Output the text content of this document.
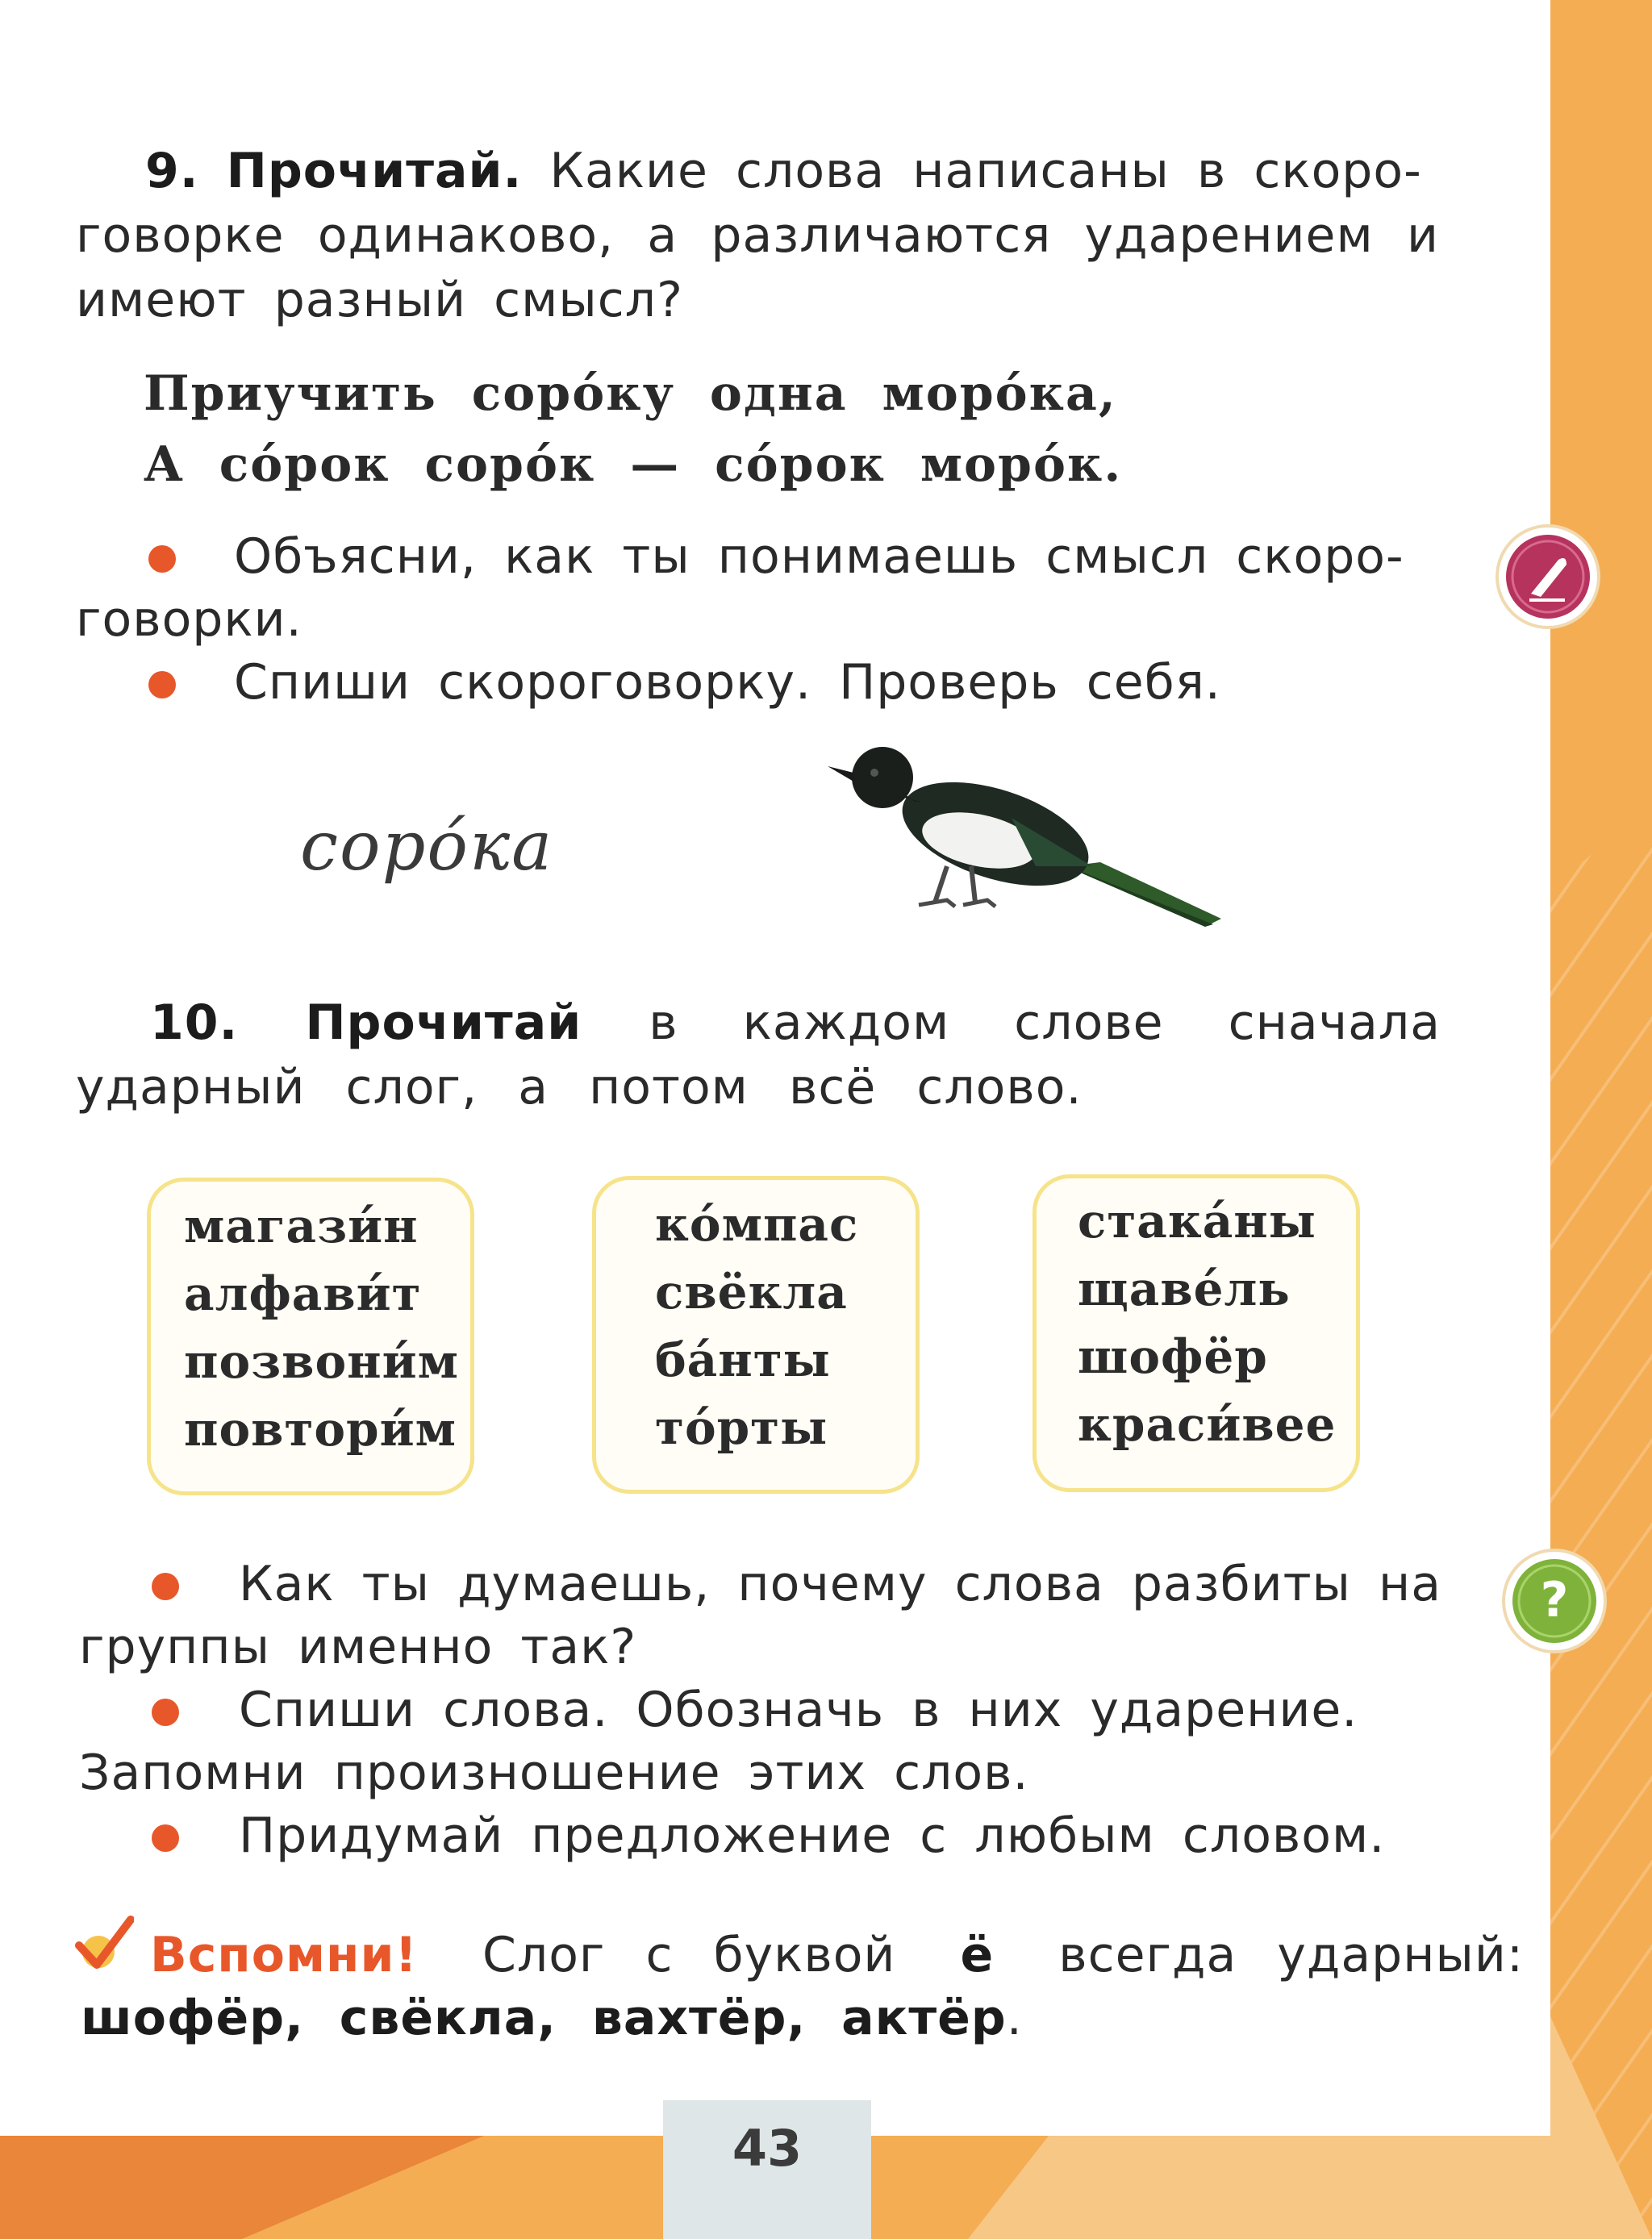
9. Прочитай. Какие слова написаны в скоро-
говорке одинаково, а различаются ударением и
имеют разный смысл?
Приучить соро́ку одна моро́ка,
А со́рок соро́к — со́рок моро́к.
Объясни, как ты понимаешь смысл скоро-
говорки.
Спиши скороговорку. Проверь себя.
соро́ка
10. Прочитай в каждом слове сначала
ударный слог, а потом всё слово.
магази́н
алфави́т
позвони́м
повтори́м
ко́мпас
свёкла
ба́нты
то́рты
стака́ны
щаве́ль
шофёр
краси́вее
Как ты думаешь, почему слова разбиты на
группы именно так?
Спиши слова. Обозначь в них ударение.
Запомни произношение этих слов.
Придумай предложение с любым словом.
Вспомни! Слог с буквой ё всегда ударный:
шофёр, свёкла, вахтёр, актёр.
?
43
